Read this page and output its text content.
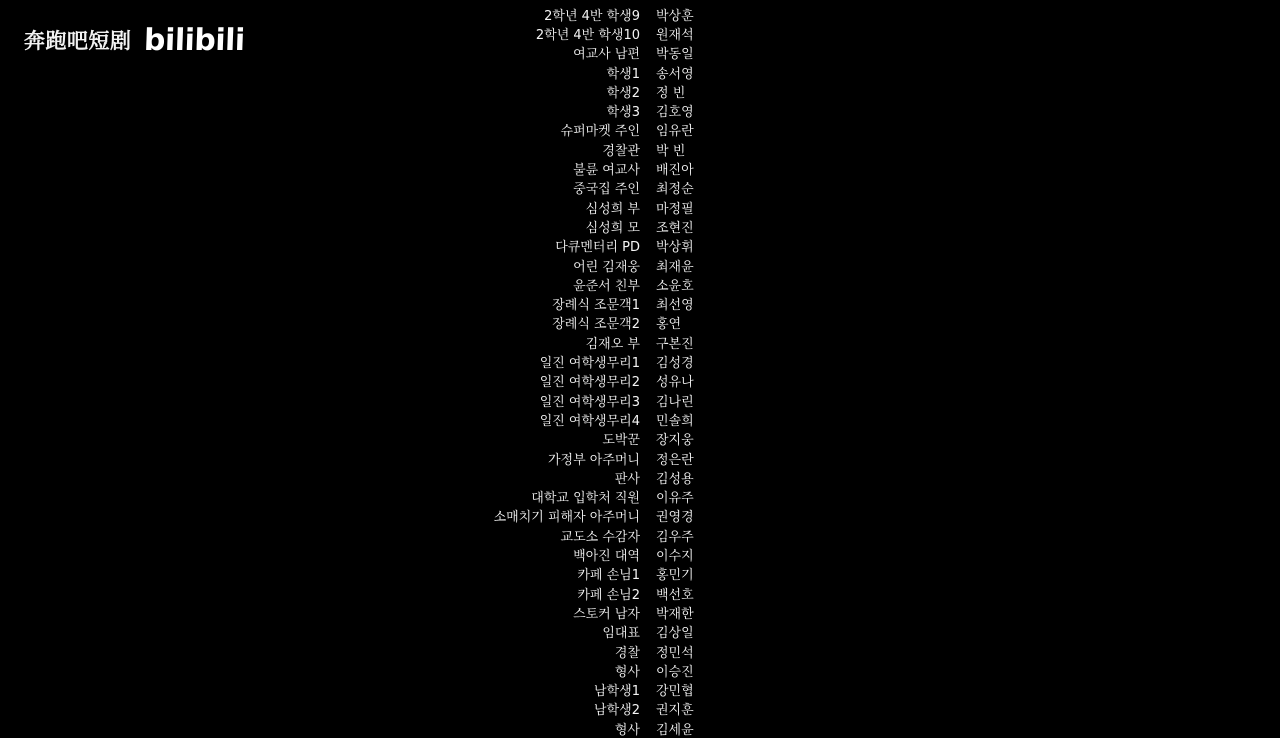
奔跑吧短剧 bilibili
2학년 4반 학생9 박상훈
2학년 4반 학생10 원재석
여교사 남편 박동일
학생1 송서영
학생2 정 빈
학생3 김호영
슈퍼마켓 주인 임유란
경찰관 박 빈
불륜 여교사 배진아
중국집 주인 최정순
심성희 부 마정필
심성희 모 조현진
다큐멘터리 PD 박상휘
어린 김재웅 최재윤
윤준서 친부 소윤호
장례식 조문객1 최선영
장례식 조문객2 홍연
김재오 부 구본진
일진 여학생무리1 김성경
일진 여학생무리2 성유나
일진 여학생무리3 김나린
일진 여학생무리4 민솔희
도박꾼 장지웅
가정부 아주머니 정은란
판사 김성용
대학교 입학처 직원 이유주
소매치기 피해자 아주머니 권영경
교도소 수감자 김우주
백아진 대역 이수지
카페 손님1 홍민기
카페 손님2 백선호
스토커 남자 박재한
임대표 김상일
경찰 정민석
형사 이승진
남학생1 강민협
남학생2 권지훈
형사 김세윤
